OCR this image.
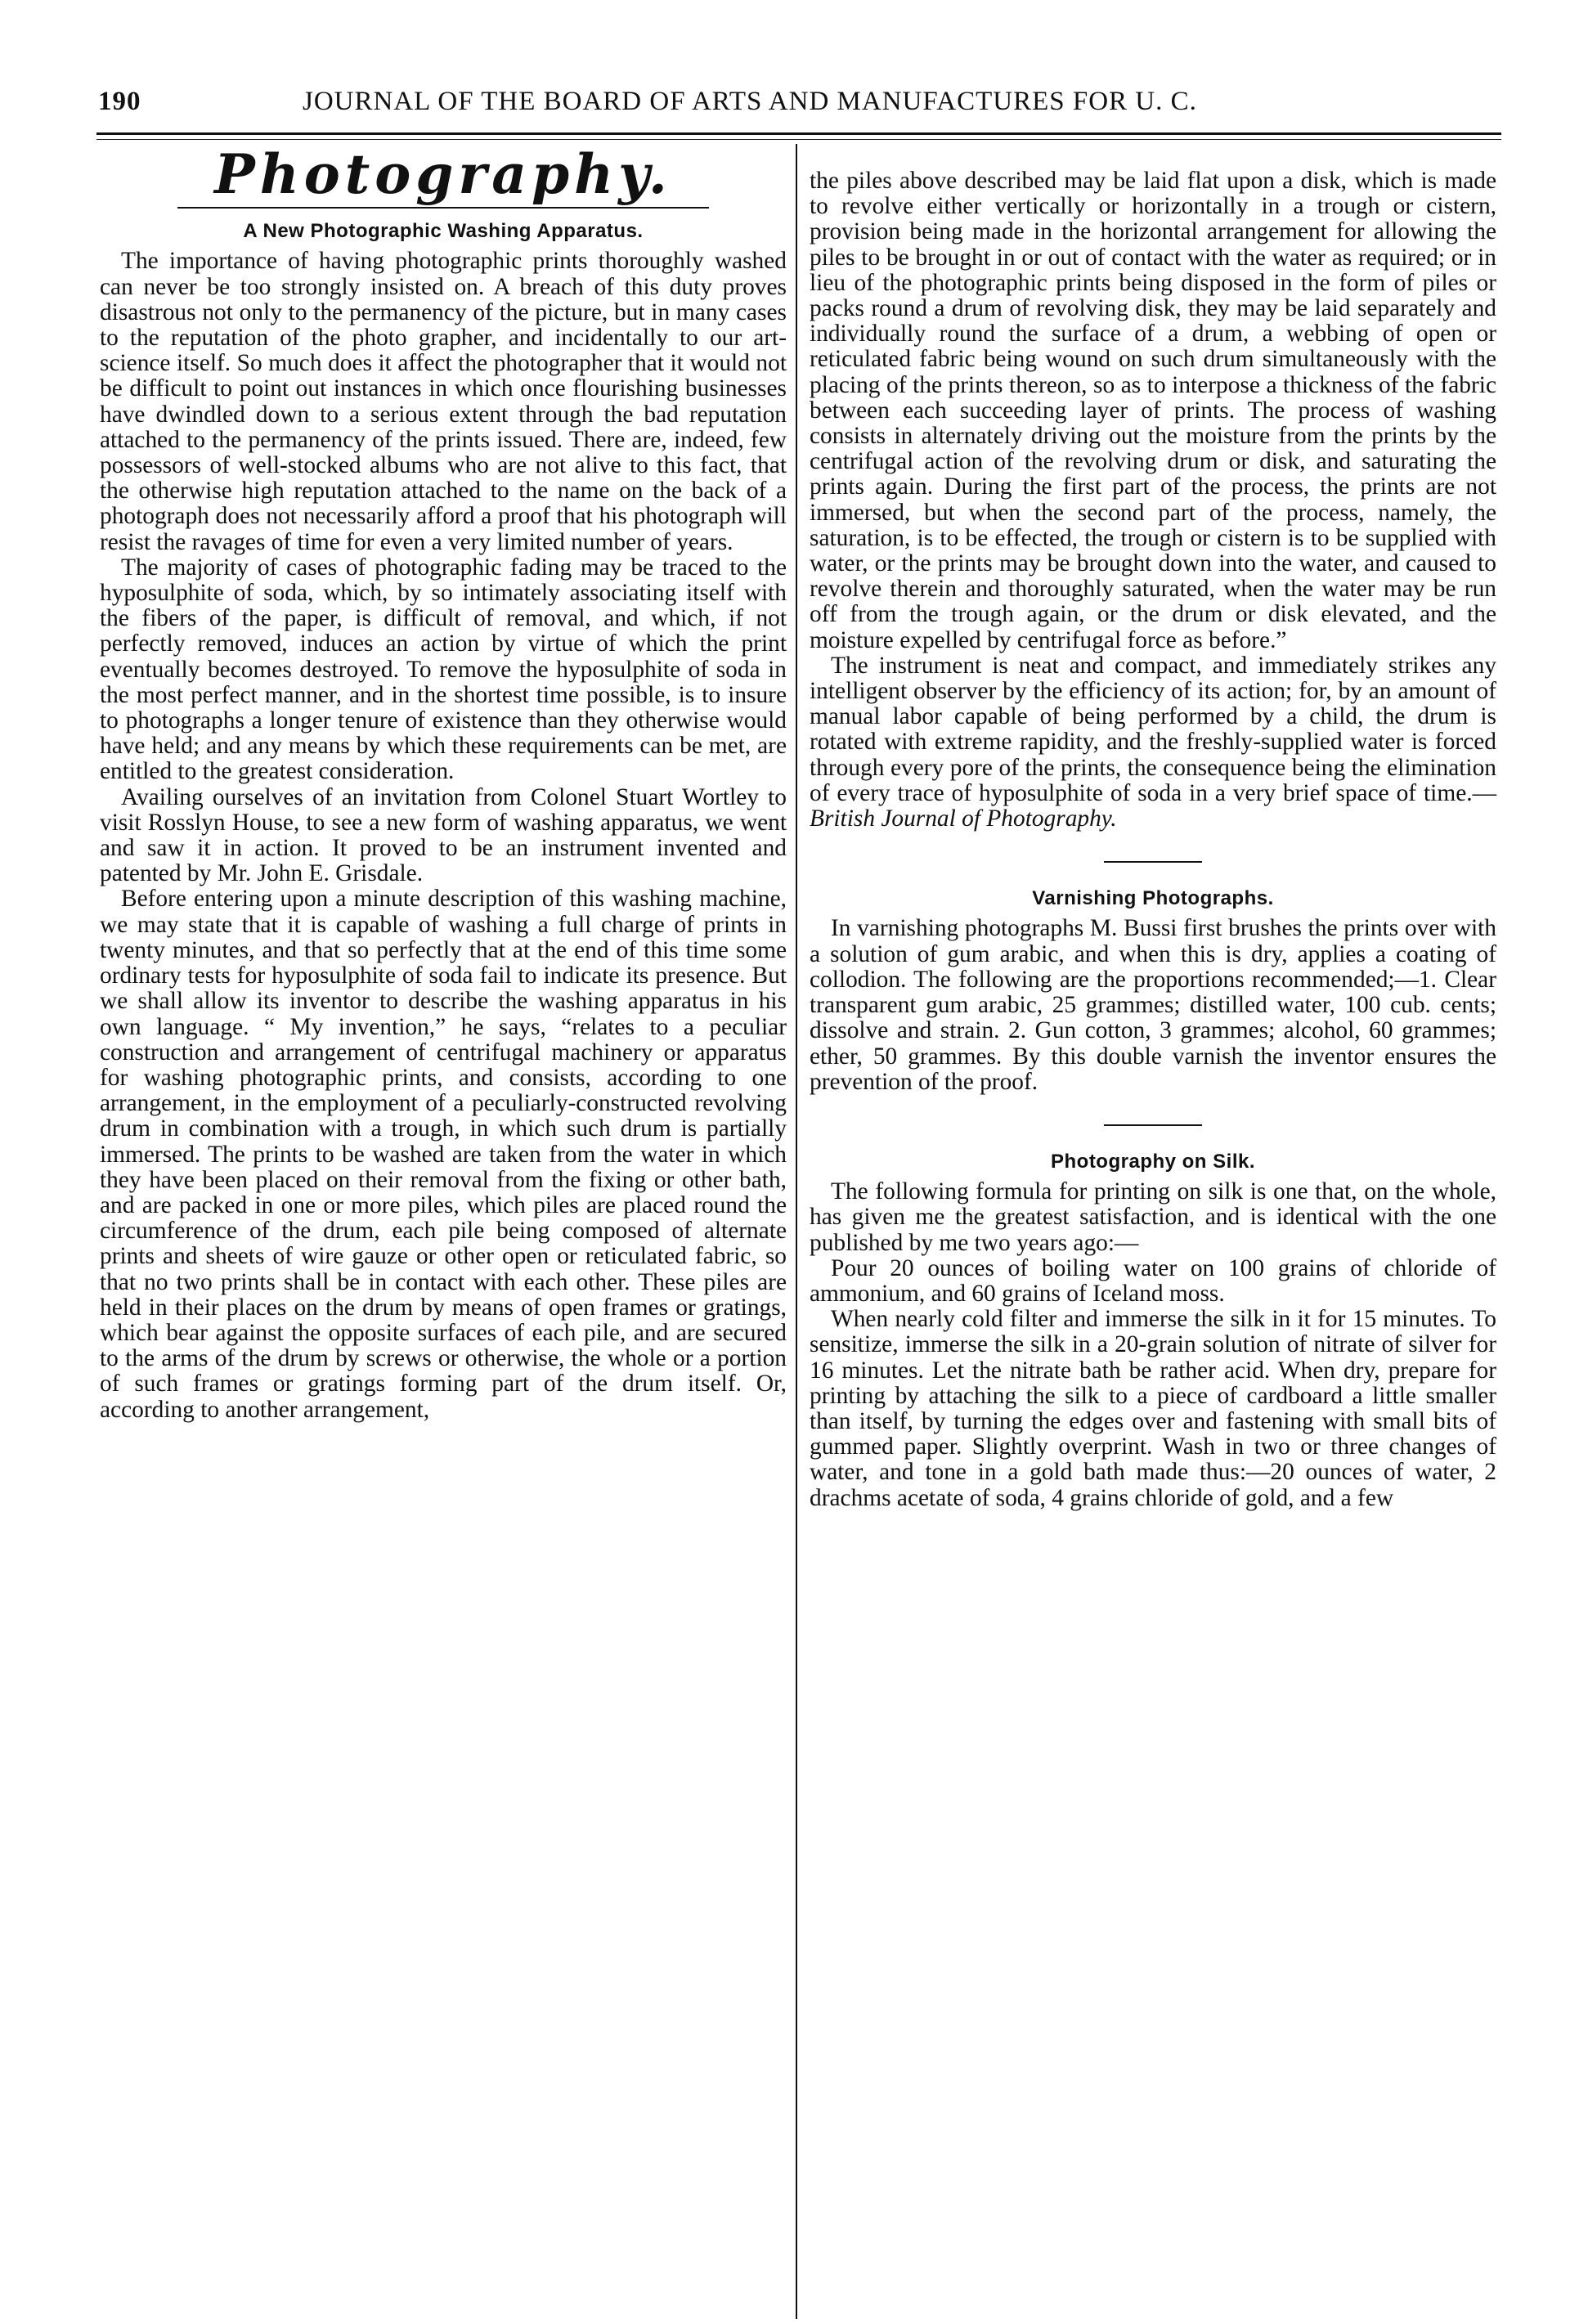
190	JOURNAL OF THE BOARD OF ARTS AND MANUFACTURES FOR U. C.
Photography.
A New Photographic Washing Apparatus.

The importance of having photographic prints thoroughly washed can never be too strongly insisted on. A breach of this duty proves disastrous not only to the permanency of the picture, but in many cases to the reputation of the photo grapher, and incidentally to our art-science itself. So much does it affect the photographer that it would not be difficult to point out instances in which once flourishing businesses have dwindled down to a serious extent through the bad reputation attached to the permanency of the prints issued. There are, indeed, few possessors of well-stocked albums who are not alive to this fact, that the otherwise high reputation attached to the name on the back of a photograph does not necessarily afford a proof that his photograph will resist the ravages of time for even a very limited number of years.

The majority of cases of photographic fading may be traced to the hyposulphite of soda, which, by so intimately associating itself with the fibers of the paper, is difficult of removal, and which, if not perfectly removed, induces an action by virtue of which the print eventually becomes destroyed. To remove the hyposulphite of soda in the most perfect manner, and in the shortest time possible, is to insure to photographs a longer tenure of existence than they otherwise would have held; and any means by which these requirements can be met, are entitled to the greatest consideration.

Availing ourselves of an invitation from Colonel Stuart Wortley to visit Rosslyn House, to see a new form of washing apparatus, we went and saw it in action. It proved to be an instrument invented and patented by Mr. John E. Grisdale.

Before entering upon a minute description of this washing machine, we may state that it is capable of washing a full charge of prints in twenty minutes, and that so perfectly that at the end of this time some ordinary tests for hyposulphite of soda fail to indicate its presence. But we shall allow its inventor to describe the washing apparatus in his own language. “ My invention,” he says, “relates to a peculiar construction and arrangement of centrifugal machinery or apparatus for washing photographic prints, and consists, according to one arrangement, in the employment of a peculiarly-constructed revolving drum in combination with a trough, in which such drum is partially immersed. The prints to be washed are taken from the water in which they have been placed on their removal from the fixing or other bath, and are packed in one or more piles, which piles are placed round the circumference of the drum, each pile being composed of alternate prints and sheets of wire gauze or other open or reticulated fabric, so that no two prints shall be in contact with each other. These piles are held in their places on the drum by means of open frames or gratings, which bear against the opposite surfaces of each pile, and are secured to the arms of the drum by screws or otherwise, the whole or a portion of such frames or gratings forming part of the drum itself. Or, according to another arrangement,

the piles above described may be laid flat upon a disk, which is made to revolve either vertically or horizontally in a trough or cistern, provision being made in the horizontal arrangement for allowing the piles to be brought in or out of contact with the water as required; or in lieu of the photographic prints being disposed in the form of piles or packs round a drum of revolving disk, they may be laid separately and individually round the surface of a drum, a webbing of open or reticulated fabric being wound on such drum simultaneously with the placing of the prints thereon, so as to interpose a thickness of the fabric between each succeeding layer of prints. The process of washing consists in alternately driving out the moisture from the prints by the centrifugal action of the revolving drum or disk, and saturating the prints again. During the first part of the process, the prints are not immersed, but when the second part of the process, namely, the saturation, is to be effected, the trough or cistern is to be supplied with water, or the prints may be brought down into the water, and caused to revolve therein and thoroughly saturated, when the water may be run off from the trough again, or the drum or disk elevated, and the moisture expelled by centrifugal force as before.”

The instrument is neat and compact, and immediately strikes any intelligent observer by the efficiency of its action; for, by an amount of manual labor capable of being performed by a child, the drum is rotated with extreme rapidity, and the freshly-supplied water is forced through every pore of the prints, the consequence being the elimination of every trace of hyposulphite of soda in a very brief space of time.—British Journal of Photography.

Varnishing Photographs.

In varnishing photographs M. Bussi first brushes the prints over with a solution of gum arabic, and when this is dry, applies a coating of collodion. The following are the proportions recommended;—1. Clear transparent gum arabic, 25 grammes; distilled water, 100 cub. cents; dissolve and strain. 2. Gun cotton, 3 grammes; alcohol, 60 grammes; ether, 50 grammes. By this double varnish the inventor ensures the prevention of the proof.

Photography on Silk.

The following formula for printing on silk is one that, on the whole, has given me the greatest satisfaction, and is identical with the one published by me two years ago:—

Pour 20 ounces of boiling water on 100 grains of chloride of ammonium, and 60 grains of Iceland moss.

When nearly cold filter and immerse the silk in it for 15 minutes. To sensitize, immerse the silk in a 20-grain solution of nitrate of silver for 16 minutes. Let the nitrate bath be rather acid. When dry, prepare for printing by attaching the silk to a piece of cardboard a little smaller than itself, by turning the edges over and fastening with small bits of gummed paper. Slightly overprint. Wash in two or three changes of water, and tone in a gold bath made thus:—20 ounces of water, 2 drachms acetate of soda, 4 grains chloride of gold, and a few
